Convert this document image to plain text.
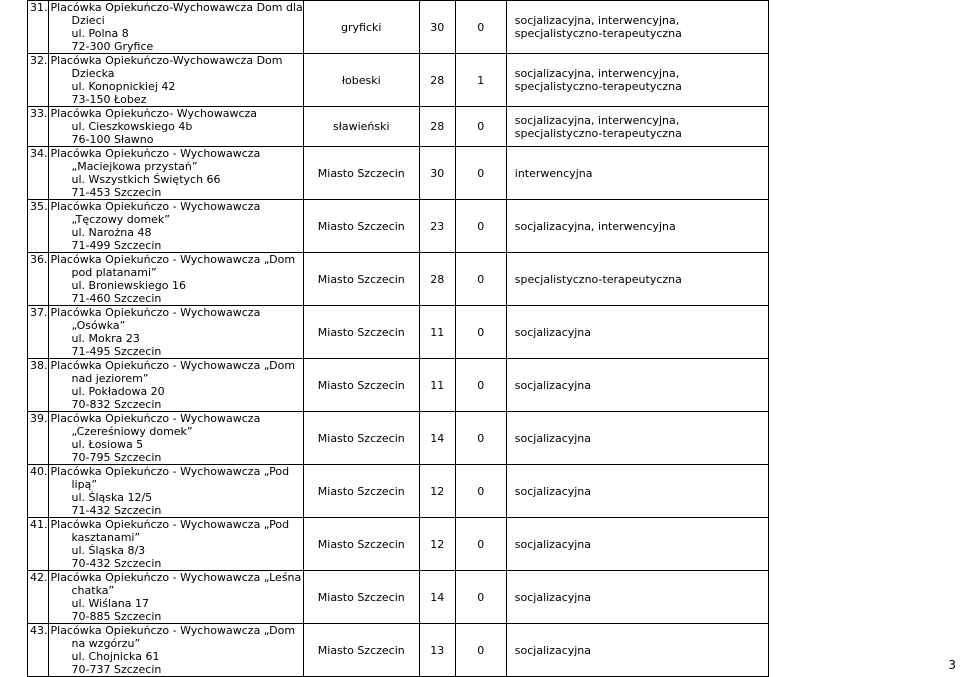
31.	Placówka Opiekuńczo-Wychowawcza Dom dla
Dzieci
ul. Polna 8
72-300 Gryfice	gryficki	30	0	socjalizacyjna, interwencyjna, specjalistyczno-terapeutyczna
32.	Placówka Opiekuńczo-Wychowawcza Dom
Dziecka
ul. Konopnickiej 42
73-150 Łobez	łobeski	28	1	socjalizacyjna, interwencyjna, specjalistyczno-terapeutyczna
33.	Placówka Opiekuńczo- Wychowawcza
ul. Cieszkowskiego 4b
76-100 Sławno	sławieński	28	0	socjalizacyjna, interwencyjna, specjalistyczno-terapeutyczna
34.	Placówka Opiekuńczo - Wychowawcza
„Maciejkowa przystań”
ul. Wszystkich Świętych 66
71-453 Szczecin	Miasto Szczecin	30	0	interwencyjna
35.	Placówka Opiekuńczo - Wychowawcza
„Tęczowy domek”
ul. Narożna 48
71-499 Szczecin	Miasto Szczecin	23	0	socjalizacyjna, interwencyjna
36.	Placówka Opiekuńczo - Wychowawcza „Dom
pod platanami”
ul. Broniewskiego 16
71-460 Szczecin	Miasto Szczecin	28	0	specjalistyczno-terapeutyczna
37.	Placówka Opiekuńczo - Wychowawcza
„Osówka”
ul. Mokra 23
71-495 Szczecin	Miasto Szczecin	11	0	socjalizacyjna
38.	Placówka Opiekuńczo - Wychowawcza „Dom
nad jeziorem”
ul. Pokładowa 20
70-832 Szczecin	Miasto Szczecin	11	0	socjalizacyjna
39.	Placówka Opiekuńczo - Wychowawcza
„Czereśniowy domek”
ul. Łosiowa 5
70-795 Szczecin	Miasto Szczecin	14	0	socjalizacyjna
40.	Placówka Opiekuńczo - Wychowawcza „Pod
lipą”
ul. Śląska 12/5
71-432 Szczecin	Miasto Szczecin	12	0	socjalizacyjna
41.	Placówka Opiekuńczo - Wychowawcza „Pod
kasztanami”
ul. Śląska 8/3
70-432 Szczecin	Miasto Szczecin	12	0	socjalizacyjna
42.	Placówka Opiekuńczo - Wychowawcza „Leśna
chatka”
ul. Wiślana 17
70-885 Szczecin	Miasto Szczecin	14	0	socjalizacyjna
43.	Placówka Opiekuńczo - Wychowawcza „Dom
na wzgórzu”
ul. Chojnicka 61
70-737 Szczecin	Miasto Szczecin	13	0	socjalizacyjna
3
